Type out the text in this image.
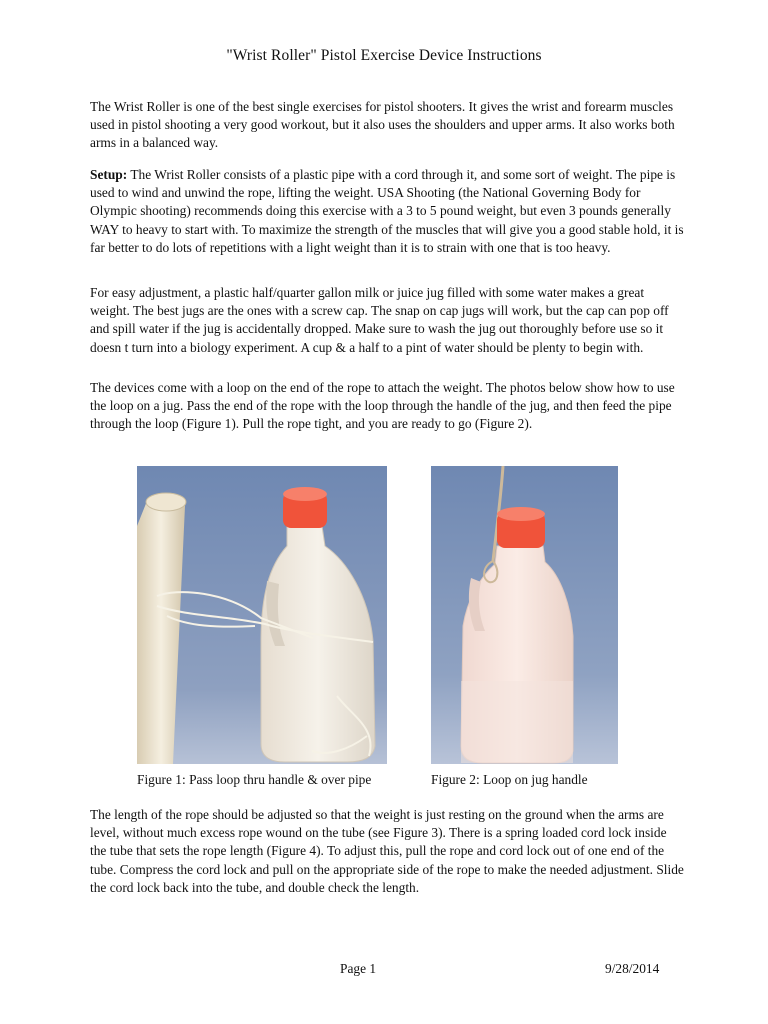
"Wrist Roller" Pistol Exercise Device Instructions

The Wrist Roller is one of the best single exercises for pistol shooters. It gives the wrist and forearm muscles used in pistol shooting a very good workout, but it also uses the shoulders and upper arms. It also works both arms in a balanced way.

Setup: The Wrist Roller consists of a plastic pipe with a cord through it, and some sort of weight. The pipe is used to wind and unwind the rope, lifting the weight. USA Shooting (the National Governing Body for Olympic shooting) recommends doing this exercise with a 3 to 5 pound weight, but even 3 pounds generally WAY to heavy to start with. To maximize the strength of the muscles that will give you a good stable hold, it is far better to do lots of repetitions with a light weight than it is to strain with one that is too heavy.

For easy adjustment, a plastic half/quarter gallon milk or juice jug filled with some water makes a great weight. The best jugs are the ones with a screw cap. The snap on cap jugs will work, but the cap can pop off and spill water if the jug is accidentally dropped. Make sure to wash the jug out thoroughly before use so it doesn t turn into a biology experiment. A cup & a half to a pint of water should be plenty to begin with.

The devices come with a loop on the end of the rope to attach the weight. The photos below show how to use the loop on a jug. Pass the end of the rope with the loop through the handle of the jug, and then feed the pipe through the loop (Figure 1). Pull the rope tight, and you are ready to go (Figure 2).

Figure 1: Pass loop thru handle & over pipe	Figure 2: Loop on jug handle

The length of the rope should be adjusted so that the weight is just resting on the ground when the arms are level, without much excess rope wound on the tube (see Figure 3). There is a spring loaded cord lock inside the tube that sets the rope length (Figure 4). To adjust this, pull the rope and cord lock out of one end of the tube. Compress the cord lock and pull on the appropriate side of the rope to make the needed adjustment. Slide the cord lock back into the tube, and double check the length.

Page 1	9/28/2014
